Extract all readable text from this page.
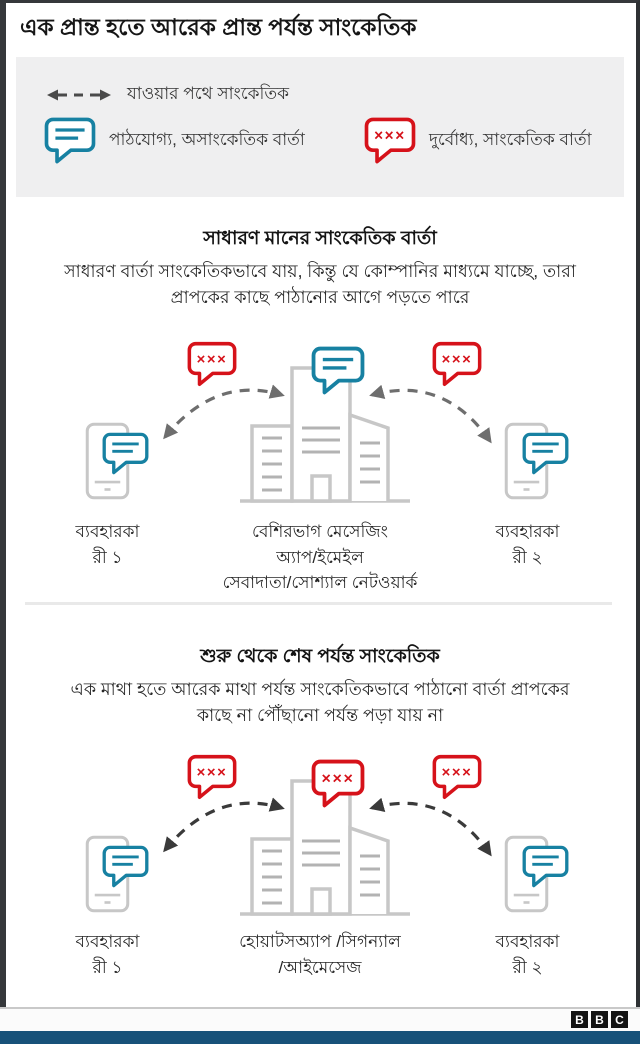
এক প্রান্ত হতে আরেক প্রান্ত পর্যন্ত সাংকেতিক
যাওয়ার পথে সাংকেতিক
পাঠযোগ্য, অসাংকেতিক বার্তা	দুর্বোধ্য, সাংকেতিক বার্তা
সাধারণ মানের সাংকেতিক বার্তা
সাধারণ বার্তা সাংকেতিকভাবে যায়, কিন্তু যে কোম্পানির মাধ্যমে যাচ্ছে, তারা
প্রাপকের কাছে পাঠানোর আগে পড়তে পারে
ব্যবহারকা
রী ১
বেশিরভাগ মেসেজিং
অ্যাপ/ইমেইল
সেবাদাতা/সোশ্যাল নেটওয়ার্ক
ব্যবহারকা
রী ২
শুরু থেকে শেষ পর্যন্ত সাংকেতিক
এক মাথা হতে আরেক মাথা পর্যন্ত সাংকেতিকভাবে পাঠানো বার্তা প্রাপকের
কাছে না পৌঁছানো পর্যন্ত পড়া যায় না
ব্যবহারকা
রী ১
হোয়াটসঅ্যাপ /সিগন্যাল
/আইমেসেজ
ব্যবহারকা
রী ২
B B C
